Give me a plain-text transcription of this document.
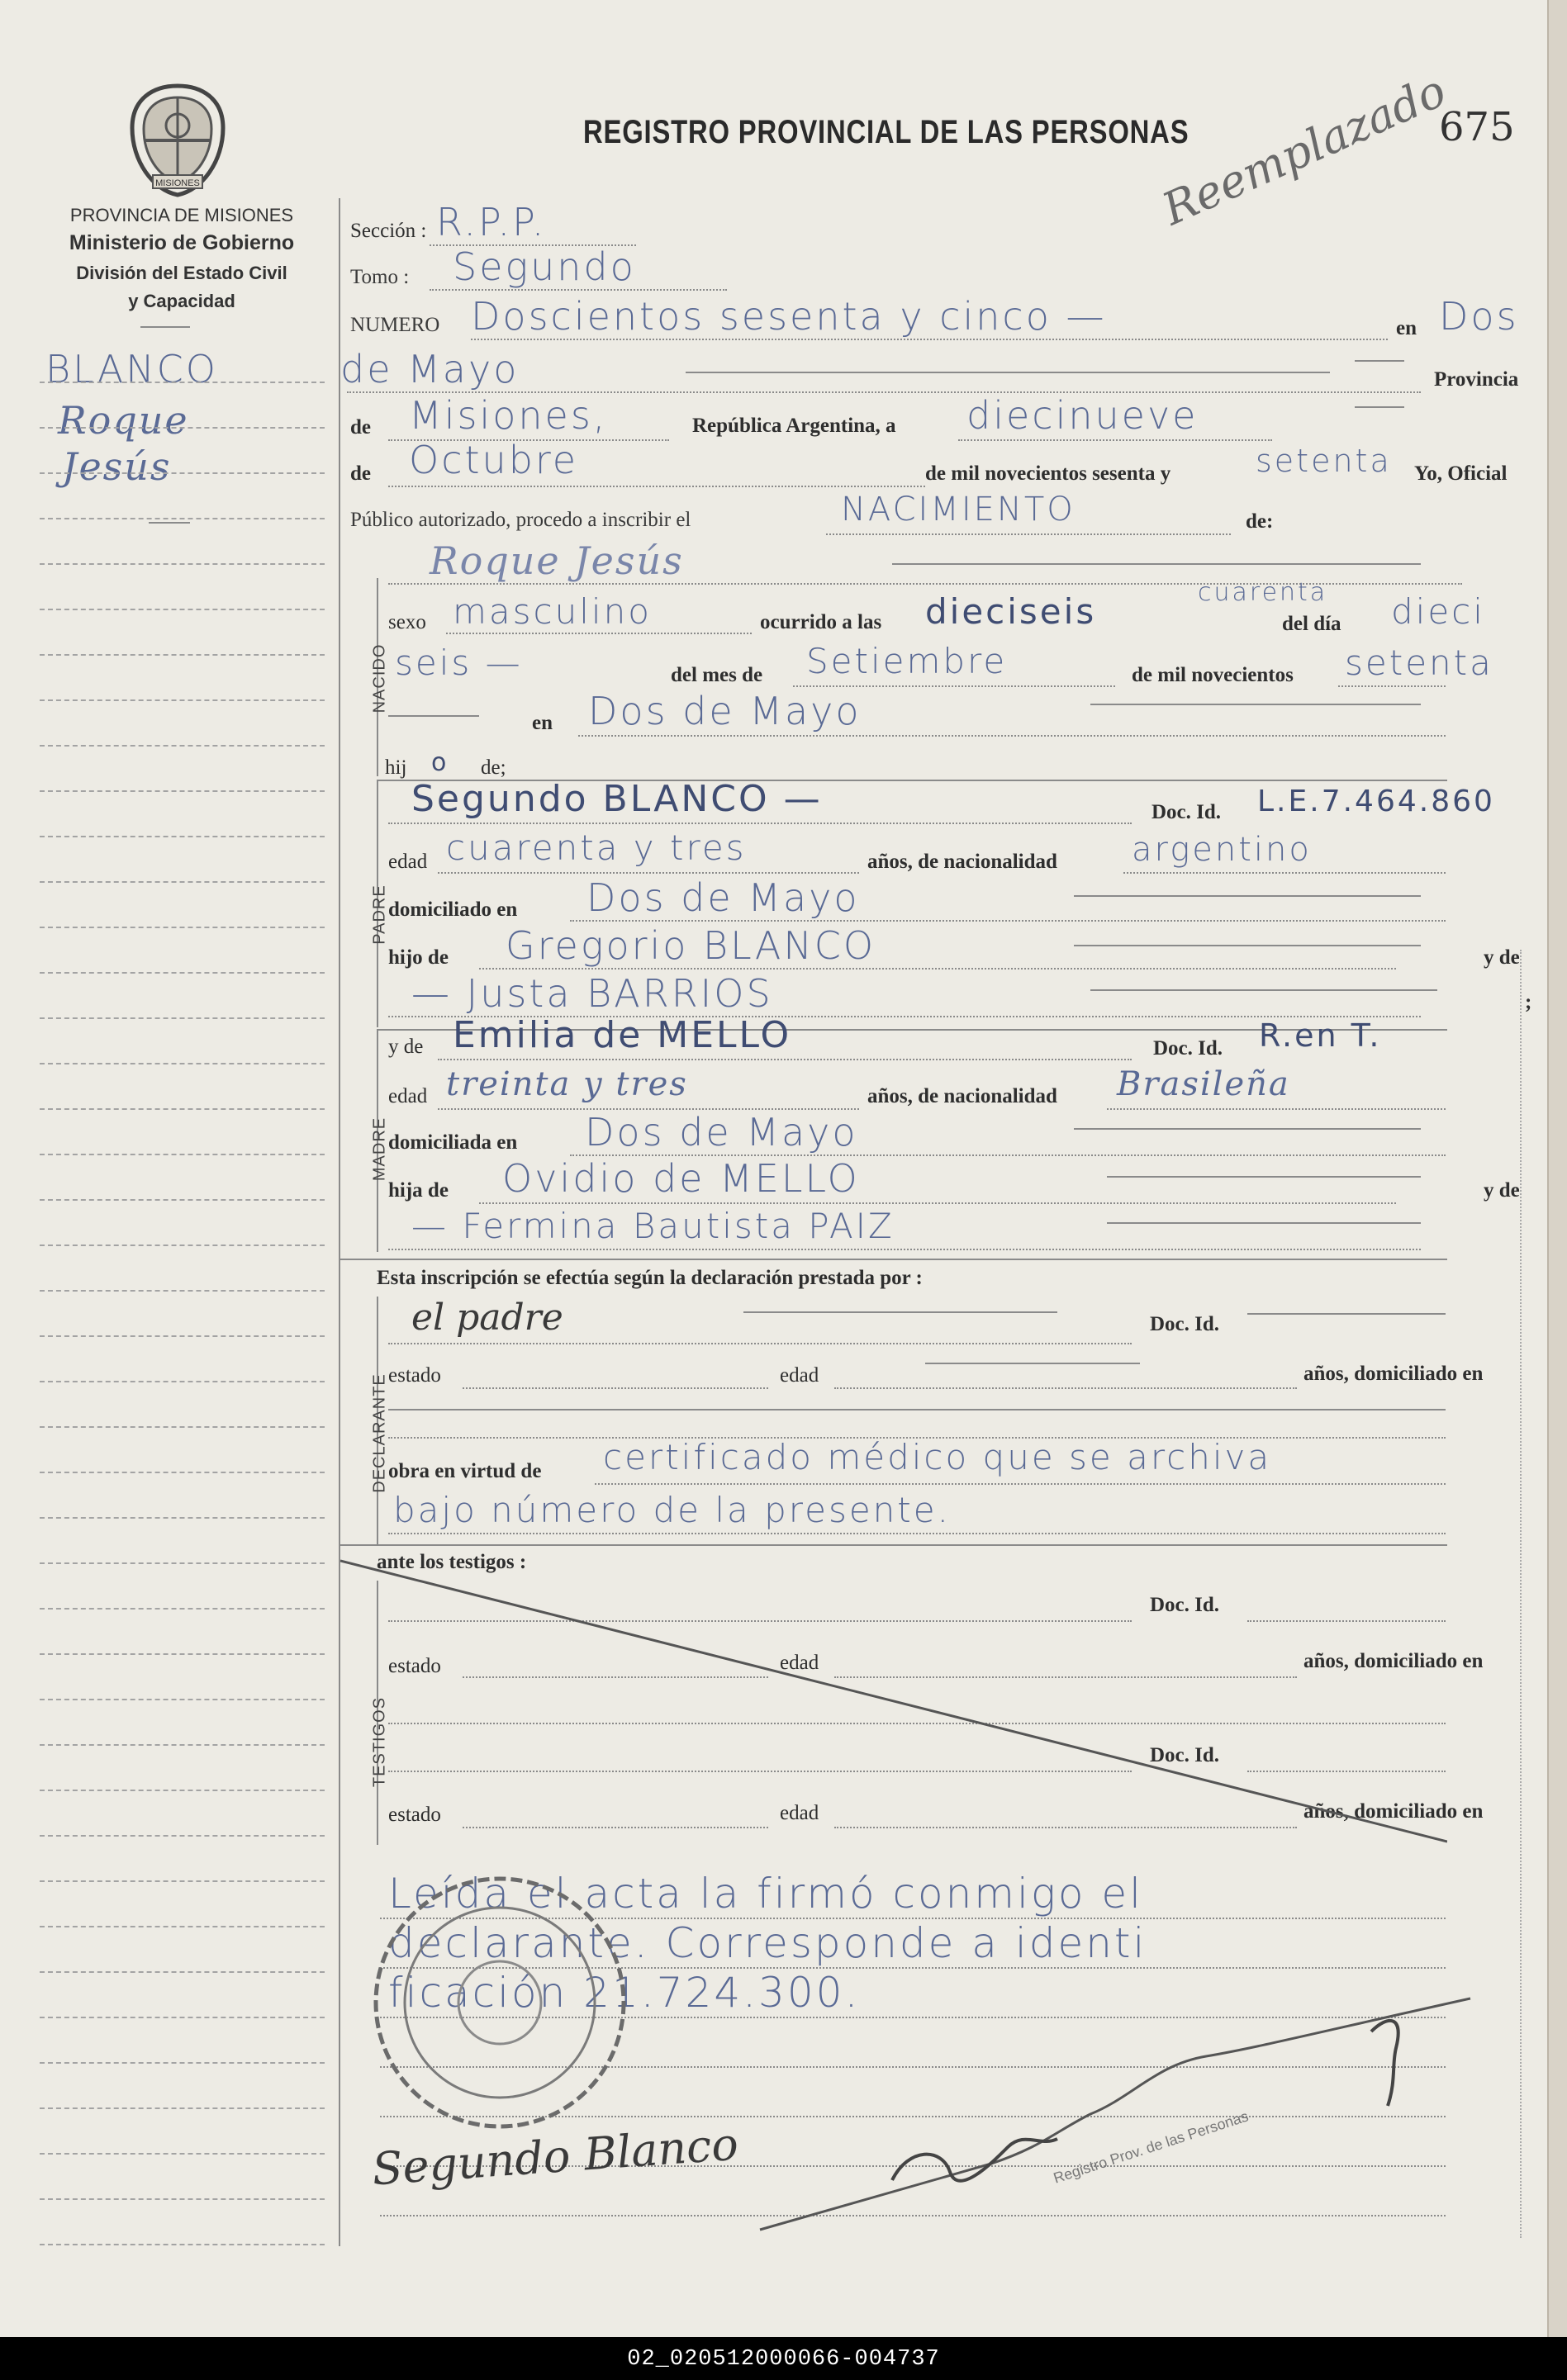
MISIONES
PROVINCIA DE MISIONES
Ministerio de Gobierno
División del Estado Civil
y Capacidad
REGISTRO PROVINCIAL DE LAS PERSONAS	675
Reemplazado
BLANCO
Roque
Jesús
Sección : R.P.P.
Tomo : Segundo
NUMERO Doscientos sesenta y cinco —	en Dos
de Mayo	Provincia
de Misiones,	República Argentina, a diecinueve
de Octubre	de mil novecientos sesenta y	setenta Yo, Oficial
Público autorizado, procedo a inscribir el	NACIMIENTO	de:
NACIDO
Roque Jesús
sexo masculino	ocurrido a las dieciseis	cuarenta
del día dieci
seis —	del mes de Setiembre	de mil novecientos setenta
en Dos de Mayo
hij o de;
PADRE
Segundo BLANCO —	Doc. Id. L.E.7.464.860
edad cuarenta y tres	años, de nacionalidad argentino
domiciliado en Dos de Mayo
hijo de Gregorio BLANCO	y de
— Justa BARRIOS	;
MADRE
y de Emilia de MELLO	Doc. Id. R.en T.
edad treinta y tres	años, de nacionalidad Brasileña
domiciliada en Dos de Mayo
hija de Ovidio de MELLO	y de
— Fermina Bautista PAIZ
Esta inscripción se efectúa según la declaración prestada por :
DECLARANTE
el padre	Doc. Id.
estado	edad	años, domiciliado en
obra en virtud de certificado médico que se archiva
bajo número de la presente.
ante los testigos :
TESTIGOS
Doc. Id.
estado	edad	años, domiciliado en
Doc. Id.
estado	edad	años, domiciliado en
Leída el acta la firmó conmigo el
declarante. Corresponde a identi
ficación 21.724.300.
Segundo Blanco	Registro Prov. de las Personas
02_020512000066-004737
